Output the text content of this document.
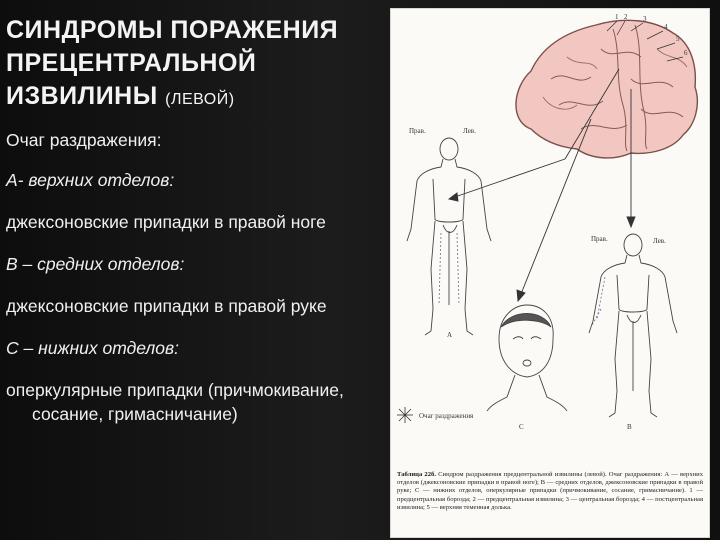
СИНДРОМЫ ПОРАЖЕНИЯ ПРЕЦЕНТРАЛЬНОЙ ИЗВИЛИНЫ (ЛЕВОЙ)

Очаг раздражения:

А- верхних отделов:

джексоновские припадки в правой ноге

В – средних отделов:

джексоновские припадки в правой руке

С – нижних отделов:

оперкулярные припадки (причмокивание, сосание, гримасничание)

1 2 3
4
5
6
Прав.	Лев.
А
Прав.	Лев.
В
С
Очаг раздражения
Таблица 22б. Синдром раздражения предцентральной извилины (левой). Очаг раздражения: А — верхних отделов (джексоновские припадки в правой ноге); В — средних отделов, джексоновские припадки в правой руке; С — нижних отделов, оперкулярные припадки (причмокивание, сосание, гримасничание). 1 — предцентральная борозда; 2 — предцентральная извилина; 3 — центральная борозда; 4 — постцентральная извилина; 5 — верхняя теменная долька.
